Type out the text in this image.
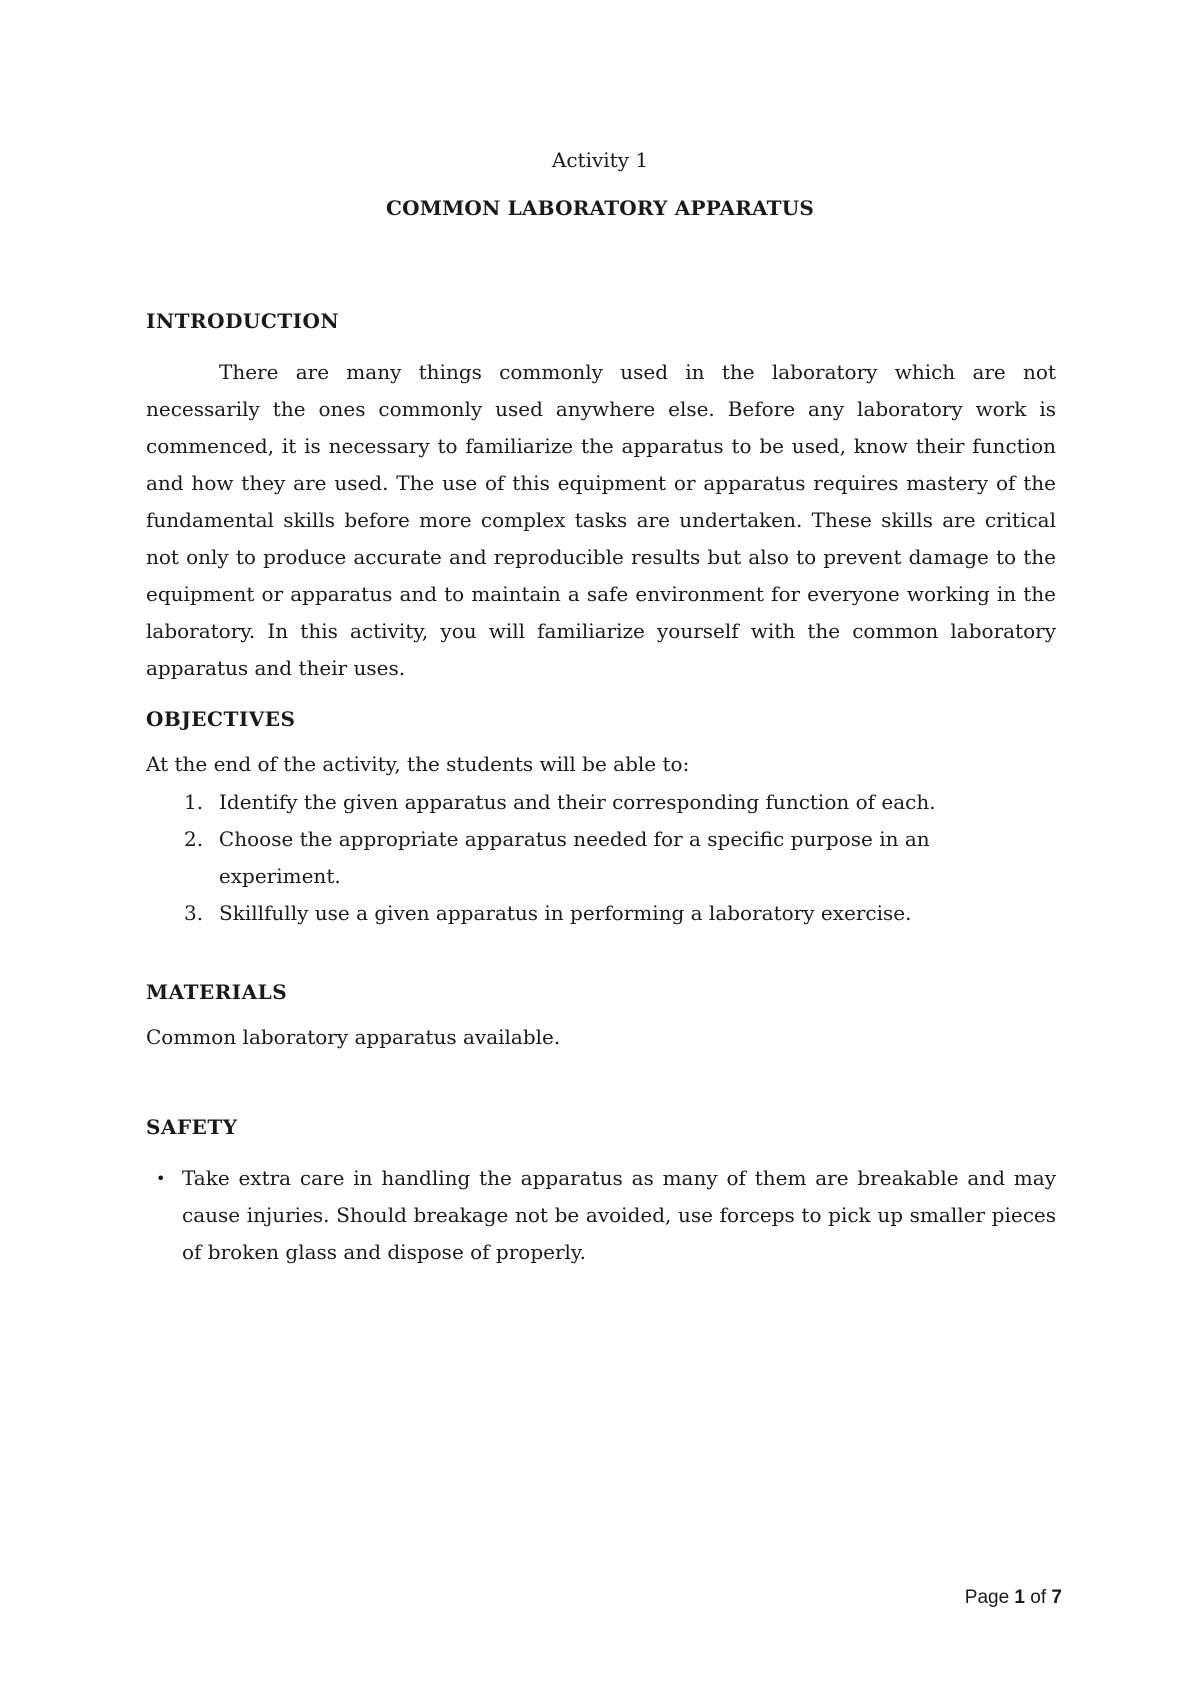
Activity 1
COMMON LABORATORY APPARATUS
INTRODUCTION

There are many things commonly used in the laboratory which are not necessarily the ones commonly used anywhere else. Before any laboratory work is commenced, it is necessary to familiarize the apparatus to be used, know their function and how they are used. The use of this equipment or apparatus requires mastery of the fundamental skills before more complex tasks are undertaken. These skills are critical not only to produce accurate and reproducible results but also to prevent damage to the equipment or apparatus and to maintain a safe environment for everyone working in the laboratory. In this activity, you will familiarize yourself with the common laboratory apparatus and their uses.

OBJECTIVES

At the end of the activity, the students will be able to:

1. Identify the given apparatus and their corresponding function of each.
2. Choose the appropriate apparatus needed for a specific purpose in an experiment.
3. Skillfully use a given apparatus in performing a laboratory exercise.
MATERIALS

Common laboratory apparatus available.

SAFETY
• Take extra care in handling the apparatus as many of them are breakable and may cause injuries. Should breakage not be avoided, use forceps to pick up smaller pieces of broken glass and dispose of properly.
Page 1 of 7
